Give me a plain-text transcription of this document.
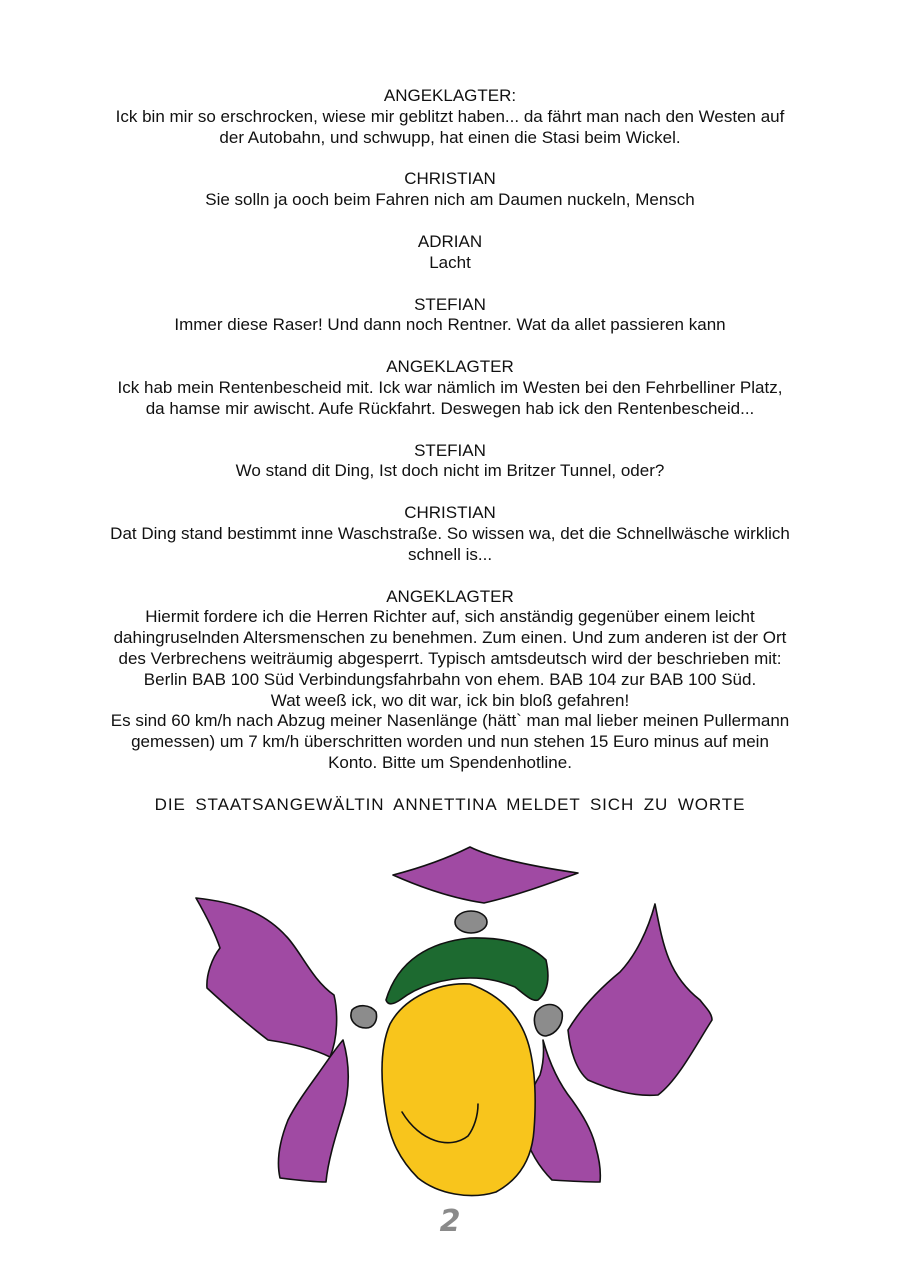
ANGEKLAGTER:
Ick bin mir so erschrocken, wiese mir geblitzt haben... da fährt man nach den Westen auf
der Autobahn, und schwupp, hat einen die Stasi beim Wickel.
CHRISTIAN
Sie solln ja ooch beim Fahren nich am Daumen nuckeln, Mensch
ADRIAN
Lacht
STEFIAN
Immer diese Raser! Und dann noch Rentner. Wat da allet passieren kann
ANGEKLAGTER
Ick hab mein Rentenbescheid mit. Ick war nämlich im Westen bei den Fehrbelliner Platz,
da hamse mir awischt. Aufe Rückfahrt. Deswegen hab ick den Rentenbescheid...
STEFIAN
Wo stand dit Ding, Ist doch nicht im Britzer Tunnel, oder?
CHRISTIAN
Dat Ding stand bestimmt inne Waschstraße. So wissen wa, det die Schnellwäsche wirklich
schnell is...
ANGEKLAGTER
Hiermit fordere ich die Herren Richter auf, sich anständig gegenüber einem leicht
dahingruselnden Altersmenschen zu benehmen. Zum einen. Und zum anderen ist der Ort
des Verbrechens weiträumig abgesperrt. Typisch amtsdeutsch wird der beschrieben mit:
Berlin BAB 100 Süd Verbindungsfahrbahn von ehem. BAB 104 zur BAB 100 Süd.
Wat weeß ick, wo dit war, ick bin bloß gefahren!
Es sind 60 km/h nach Abzug meiner Nasenlänge (hätt` man mal lieber meinen Pullermann
gemessen) um 7 km/h überschritten worden und nun stehen 15 Euro minus auf mein
Konto. Bitte um Spendenhotline.
DIE STAATSANGEWÄLTIN ANNETTINA MELDET SICH ZU WORTE
2
